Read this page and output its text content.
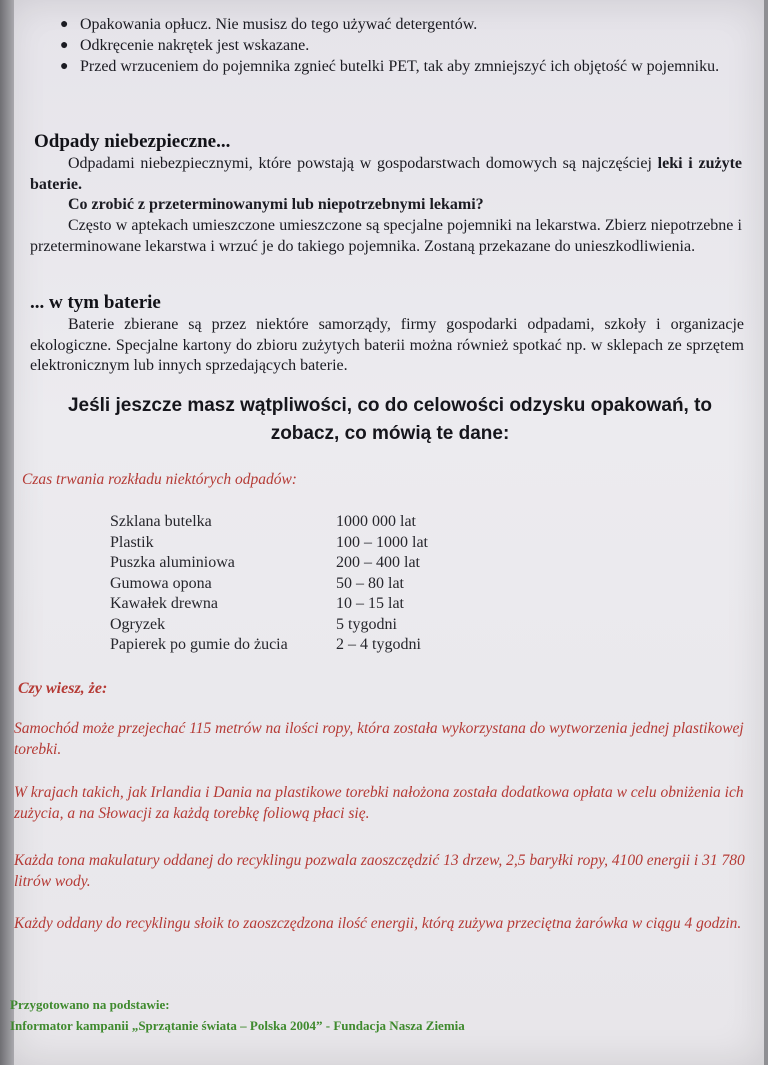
● Opakowania opłucz. Nie musisz do tego używać detergentów.
● Odkręcenie nakrętek jest wskazane.
● Przed wrzuceniem do pojemnika zgnieć butelki PET, tak aby zmniejszyć ich objętość w pojemniku.
Odpady niebezpieczne...
Odpadami niebezpiecznymi, które powstają w gospodarstwach domowych są najczęściej leki i zużyte baterie.
Co zrobić z przeterminowanymi lub niepotrzebnymi lekami?
Często w aptekach umieszczone umieszczone są specjalne pojemniki na lekarstwa. Zbierz niepotrzebne i przeterminowane lekarstwa i wrzuć je do takiego pojemnika. Zostaną przekazane do unieszkodliwienia.
... w tym baterie
Baterie zbierane są przez niektóre samorządy, firmy gospodarki odpadami, szkoły i organizacje ekologiczne. Specjalne kartony do zbioru zużytych baterii można również spotkać np. w sklepach ze sprzętem elektronicznym lub innych sprzedających baterie.
Jeśli jeszcze masz wątpliwości, co do celowości odzysku opakowań, to zobacz, co mówią te dane:
Czas trwania rozkładu niektórych odpadów:
Szklana butelka	1000 000 lat
Plastik	100 – 1000 lat
Puszka aluminiowa	200 – 400 lat
Gumowa opona	50 – 80 lat
Kawałek drewna	10 – 15 lat
Ogryzek	5 tygodni
Papierek po gumie do żucia	2 – 4 tygodni
Czy wiesz, że:
Samochód może przejechać 115 metrów na ilości ropy, która została wykorzystana do wytworzenia jednej plastikowej torebki.
W krajach takich, jak Irlandia i Dania na plastikowe torebki nałożona została dodatkowa opłata w celu obniżenia ich zużycia, a na Słowacji za każdą torebkę foliową płaci się.
Każda tona makulatury oddanej do recyklingu pozwala zaoszczędzić 13 drzew, 2,5 baryłki ropy, 4100 energii i 31 780 litrów wody.
Każdy oddany do recyklingu słoik to zaoszczędzona ilość energii, którą zużywa przeciętna żarówka w ciągu 4 godzin.
Przygotowano na podstawie:
Informator kampanii „Sprzątanie świata – Polska 2004” - Fundacja Nasza Ziemia
